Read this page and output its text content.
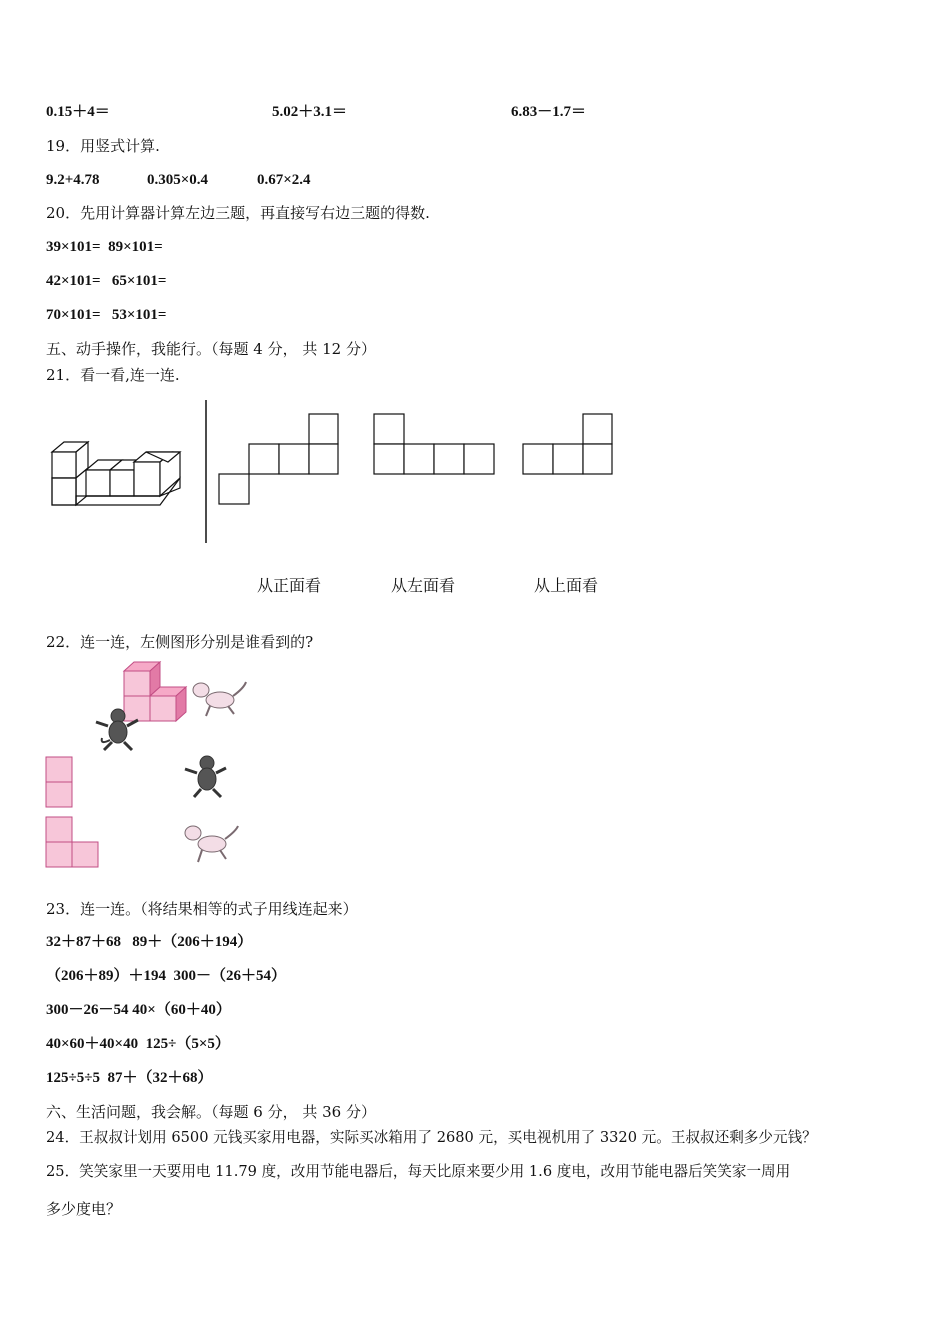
0.15＋4＝	5.02＋3.1＝	6.83－1.7＝
19．用竖式计算.
9.2+4.78	0.305×0.4	0.67×2.4
20．先用计算器计算左边三题，再直接写右边三题的得数.
39×101= 89×101=
42×101= 65×101=
70×101= 53×101=
五、动手操作，我能行。（每题 4 分， 共 12 分）
21．看一看,连一连.
从正面看	从左面看	从上面看
22．连一连，左侧图形分别是谁看到的?
23．连一连。（将结果相等的式子用线连起来）
32＋87＋68 89＋（206＋194）
（206＋89）＋194 300－（26＋54）
300－26－54 40×（60＋40）
40×60＋40×40 125÷（5×5）
125÷5÷5 87＋（32＋68）
六、生活问题，我会解。（每题 6 分， 共 36 分）
24．王叔叔计划用 6500 元钱买家用电器，实际买冰箱用了 2680 元，买电视机用了 3320 元。王叔叔还剩多少元钱？
25．笑笑家里一天要用电 11.79 度，改用节能电器后，每天比原来要少用 1.6 度电，改用节能电器后笑笑家一周用
多少度电？
